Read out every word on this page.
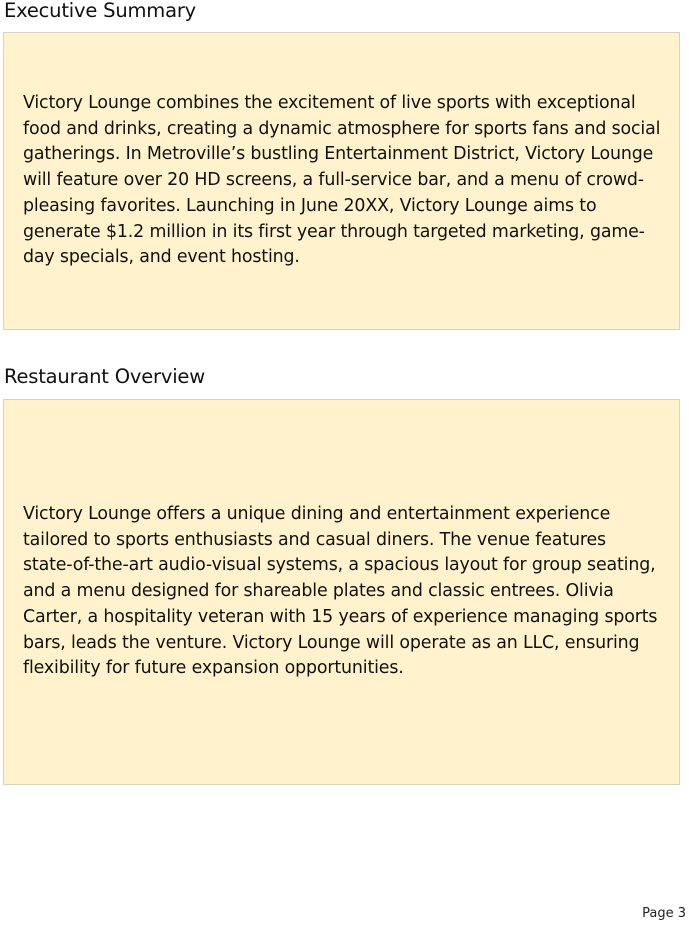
Executive Summary

Victory Lounge combines the excitement of live sports with exceptional food and drinks, creating a dynamic atmosphere for sports fans and social gatherings. In Metroville’s bustling Entertainment District, Victory Lounge will feature over 20 HD screens, a full-service bar, and a menu of crowd-pleasing favorites. Launching in June 20XX, Victory Lounge aims to generate $1.2 million in its first year through targeted marketing, game-day specials, and event hosting.

Restaurant Overview

Victory Lounge offers a unique dining and entertainment experience tailored to sports enthusiasts and casual diners. The venue features state-of-the-art audio-visual systems, a spacious layout for group seating, and a menu designed for shareable plates and classic entrees. Olivia Carter, a hospitality veteran with 15 years of experience managing sports bars, leads the venture. Victory Lounge will operate as an LLC, ensuring flexibility for future expansion opportunities.

Page 3
